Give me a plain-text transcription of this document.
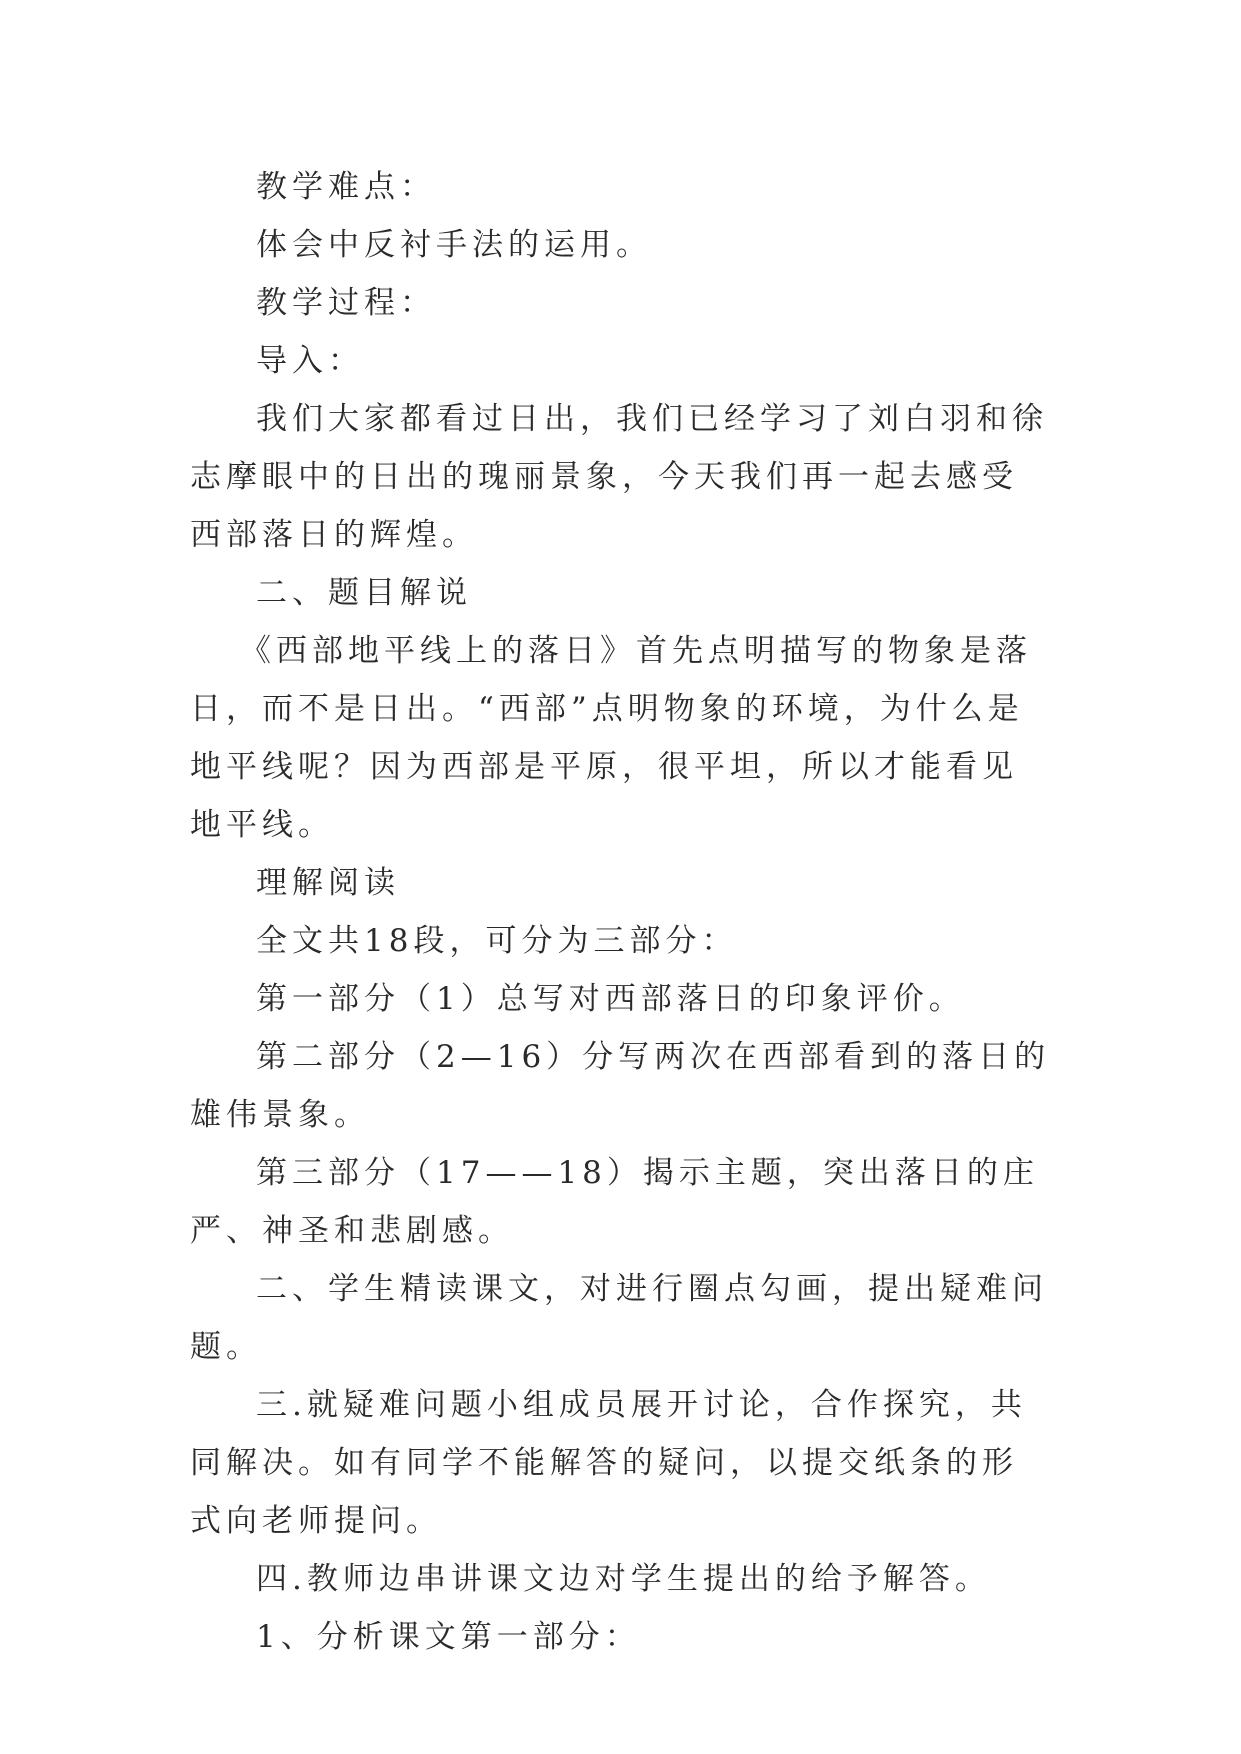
教学难点：

体会中反衬手法的运用。

教学过程：

导入：

我们大家都看过日出，我们已经学习了刘白羽和徐志摩眼中的日出的瑰丽景象，今天我们再一起去感受西部落日的辉煌。

二、题目解说

《西部地平线上的落日》首先点明描写的物象是落日，而不是日出。“西部”点明物象的环境，为什么是地平线呢？因为西部是平原，很平坦，所以才能看见地平线。

理解阅读

全文共18段，可分为三部分：

第一部分（1）总写对西部落日的印象评价。

第二部分（2—16）分写两次在西部看到的落日的雄伟景象。

第三部分（17——18）揭示主题，突出落日的庄严、神圣和悲剧感。

二、学生精读课文，对进行圈点勾画，提出疑难问题。

三.就疑难问题小组成员展开讨论，合作探究，共同解决。如有同学不能解答的疑问，以提交纸条的形式向老师提问。

四.教师边串讲课文边对学生提出的给予解答。

1、分析课文第一部分：
